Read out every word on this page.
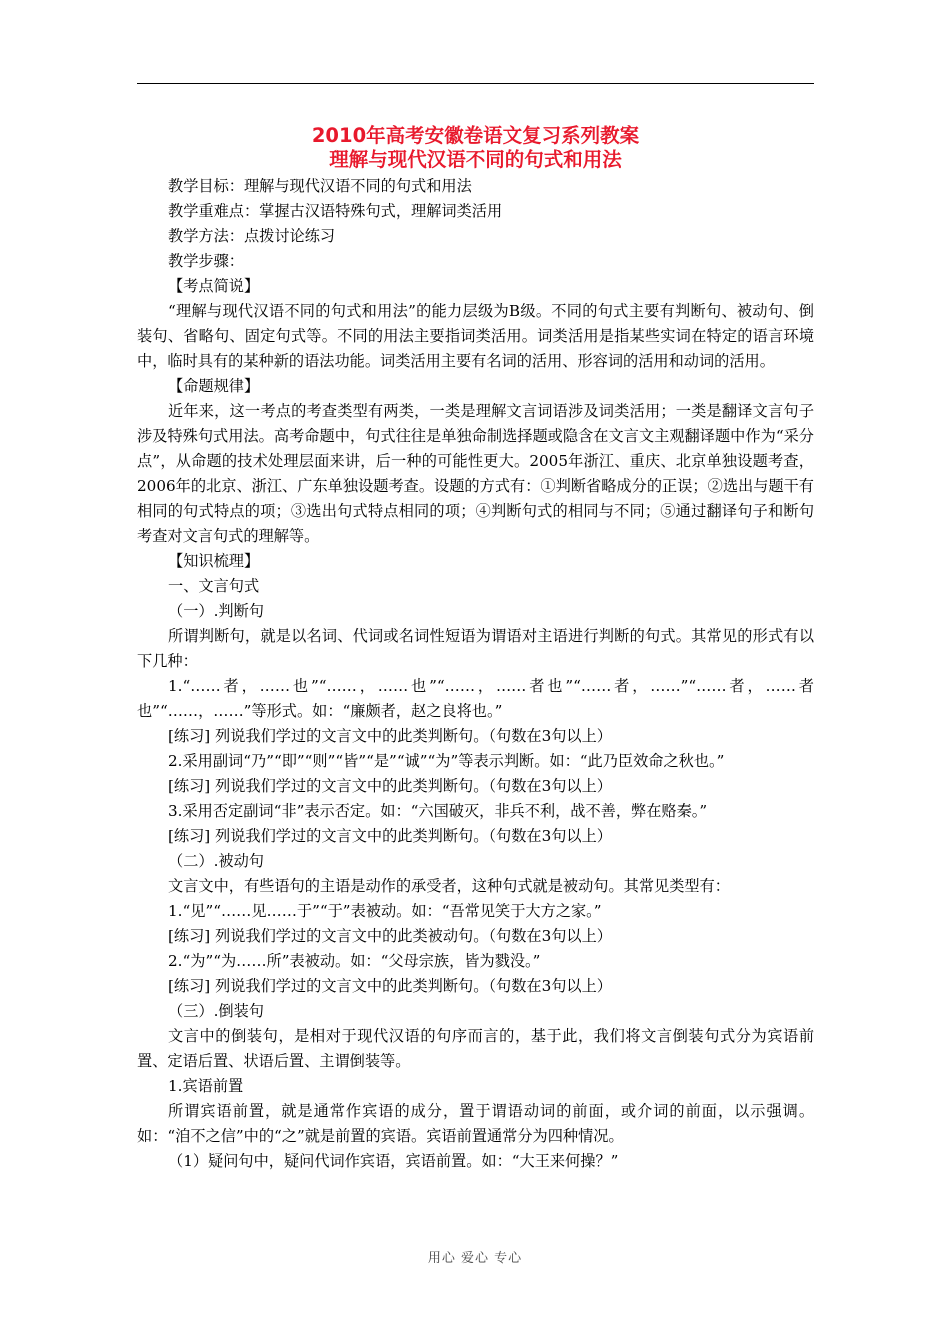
2010年高考安徽卷语文复习系列教案
理解与现代汉语不同的句式和用法

教学目标：理解与现代汉语不同的句式和用法

教学重难点：掌握古汉语特殊句式，理解词类活用

教学方法：点拨讨论练习

教学步骤：

【考点简说】

“理解与现代汉语不同的句式和用法”的能力层级为B级。不同的句式主要有判断句、被动句、倒装句、省略句、固定句式等。不同的用法主要指词类活用。词类活用是指某些实词在特定的语言环境中，临时具有的某种新的语法功能。词类活用主要有名词的活用、形容词的活用和动词的活用。

【命题规律】

近年来，这一考点的考查类型有两类，一类是理解文言词语涉及词类活用；一类是翻译文言句子涉及特殊句式用法。高考命题中，句式往往是单独命制选择题或隐含在文言文主观翻译题中作为“采分点”，从命题的技术处理层面来讲，后一种的可能性更大。2005年浙江、重庆、北京单独设题考查，2006年的北京、浙江、广东单独设题考查。设题的方式有：①判断省略成分的正误；②选出与题干有相同的句式特点的项；③选出句式特点相同的项；④判断句式的相同与不同；⑤通过翻译句子和断句考查对文言句式的理解等。

【知识梳理】

一、文言句式

（一）.判断句

所谓判断句，就是以名词、代词或名词性短语为谓语对主语进行判断的句式。其常见的形式有以下几种：

1.“……者，……也”“……，……也”“……，……者也”“……者，……”“……者，……者也”“……，……”等形式。如：“廉颇者，赵之良将也。”

[练习] 列说我们学过的文言文中的此类判断句。（句数在3句以上）

2.采用副词“乃”“即”“则”“皆”“是”“诚”“为”等表示判断。如：“此乃臣效命之秋也。”

[练习] 列说我们学过的文言文中的此类判断句。（句数在3句以上）

3.采用否定副词“非”表示否定。如：“六国破灭，非兵不利，战不善，弊在赂秦。”

[练习] 列说我们学过的文言文中的此类判断句。（句数在3句以上）

（二）.被动句

文言文中，有些语句的主语是动作的承受者，这种句式就是被动句。其常见类型有：

1.“见”“……见……于”“于”表被动。如：“吾常见笑于大方之家。”

[练习] 列说我们学过的文言文中的此类被动句。（句数在3句以上）

2.“为”“为……所”表被动。如：“父母宗族，皆为戮没。”

[练习] 列说我们学过的文言文中的此类判断句。（句数在3句以上）

（三）.倒装句

文言中的倒装句，是相对于现代汉语的句序而言的，基于此，我们将文言倒装句式分为宾语前置、定语后置、状语后置、主谓倒装等。

1.宾语前置

所谓宾语前置，就是通常作宾语的成分，置于谓语动词的前面，或介词的前面，以示强调。如：“洎不之信”中的“之”就是前置的宾语。宾语前置通常分为四种情况。

（1）疑问句中，疑问代词作宾语，宾语前置。如：“大王来何操？”

用心 爱心 专心
